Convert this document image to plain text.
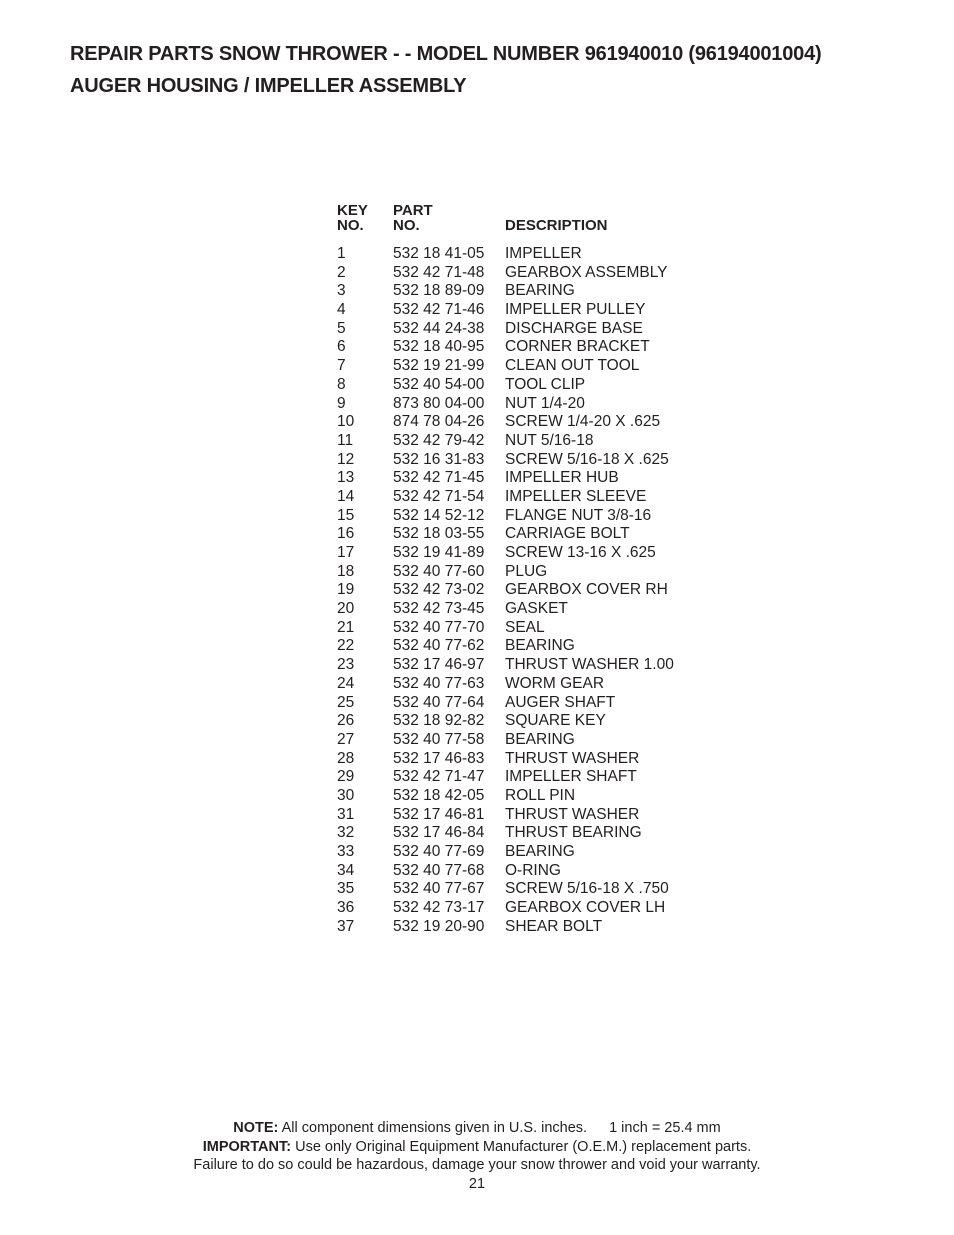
REPAIR PARTS SNOW THROWER - - MODEL NUMBER 961940010 (96194001004)
AUGER HOUSING / IMPELLER ASSEMBLY
KEY
NO.
PART
NO.	DESCRIPTION
1	532 18 41-05 IMPELLER
2	532 42 71-48 GEARBOX ASSEMBLY
3	532 18 89-09 BEARING
4	532 42 71-46 IMPELLER PULLEY
5	532 44 24-38 DISCHARGE BASE
6	532 18 40-95 CORNER BRACKET
7	532 19 21-99 CLEAN OUT TOOL
8	532 40 54-00 TOOL CLIP
9	873 80 04-00 NUT 1/4-20
10	874 78 04-26 SCREW 1/4-20 X .625
11	532 42 79-42 NUT 5/16-18
12	532 16 31-83 SCREW 5/16-18 X .625
13	532 42 71-45 IMPELLER HUB
14	532 42 71-54 IMPELLER SLEEVE
15	532 14 52-12 FLANGE NUT 3/8-16
16	532 18 03-55 CARRIAGE BOLT
17	532 19 41-89 SCREW 13-16 X .625
18	532 40 77-60 PLUG
19	532 42 73-02 GEARBOX COVER RH
20	532 42 73-45 GASKET
21	532 40 77-70 SEAL
22	532 40 77-62 BEARING
23	532 17 46-97 THRUST WASHER 1.00
24	532 40 77-63 WORM GEAR
25	532 40 77-64 AUGER SHAFT
26	532 18 92-82 SQUARE KEY
27	532 40 77-58 BEARING
28	532 17 46-83 THRUST WASHER
29	532 42 71-47 IMPELLER SHAFT
30	532 18 42-05 ROLL PIN
31	532 17 46-81 THRUST WASHER
32	532 17 46-84 THRUST BEARING
33	532 40 77-69 BEARING
34	532 40 77-68 O-RING
35	532 40 77-67 SCREW 5/16-18 X .750
36	532 42 73-17 GEARBOX COVER LH
37	532 19 20-90 SHEAR BOLT
NOTE: All component dimensions given in U.S. inches. 1 inch = 25.4 mm
IMPORTANT: Use only Original Equipment Manufacturer (O.E.M.) replacement parts.
Failure to do so could be hazardous, damage your snow thrower and void your warranty.
21
